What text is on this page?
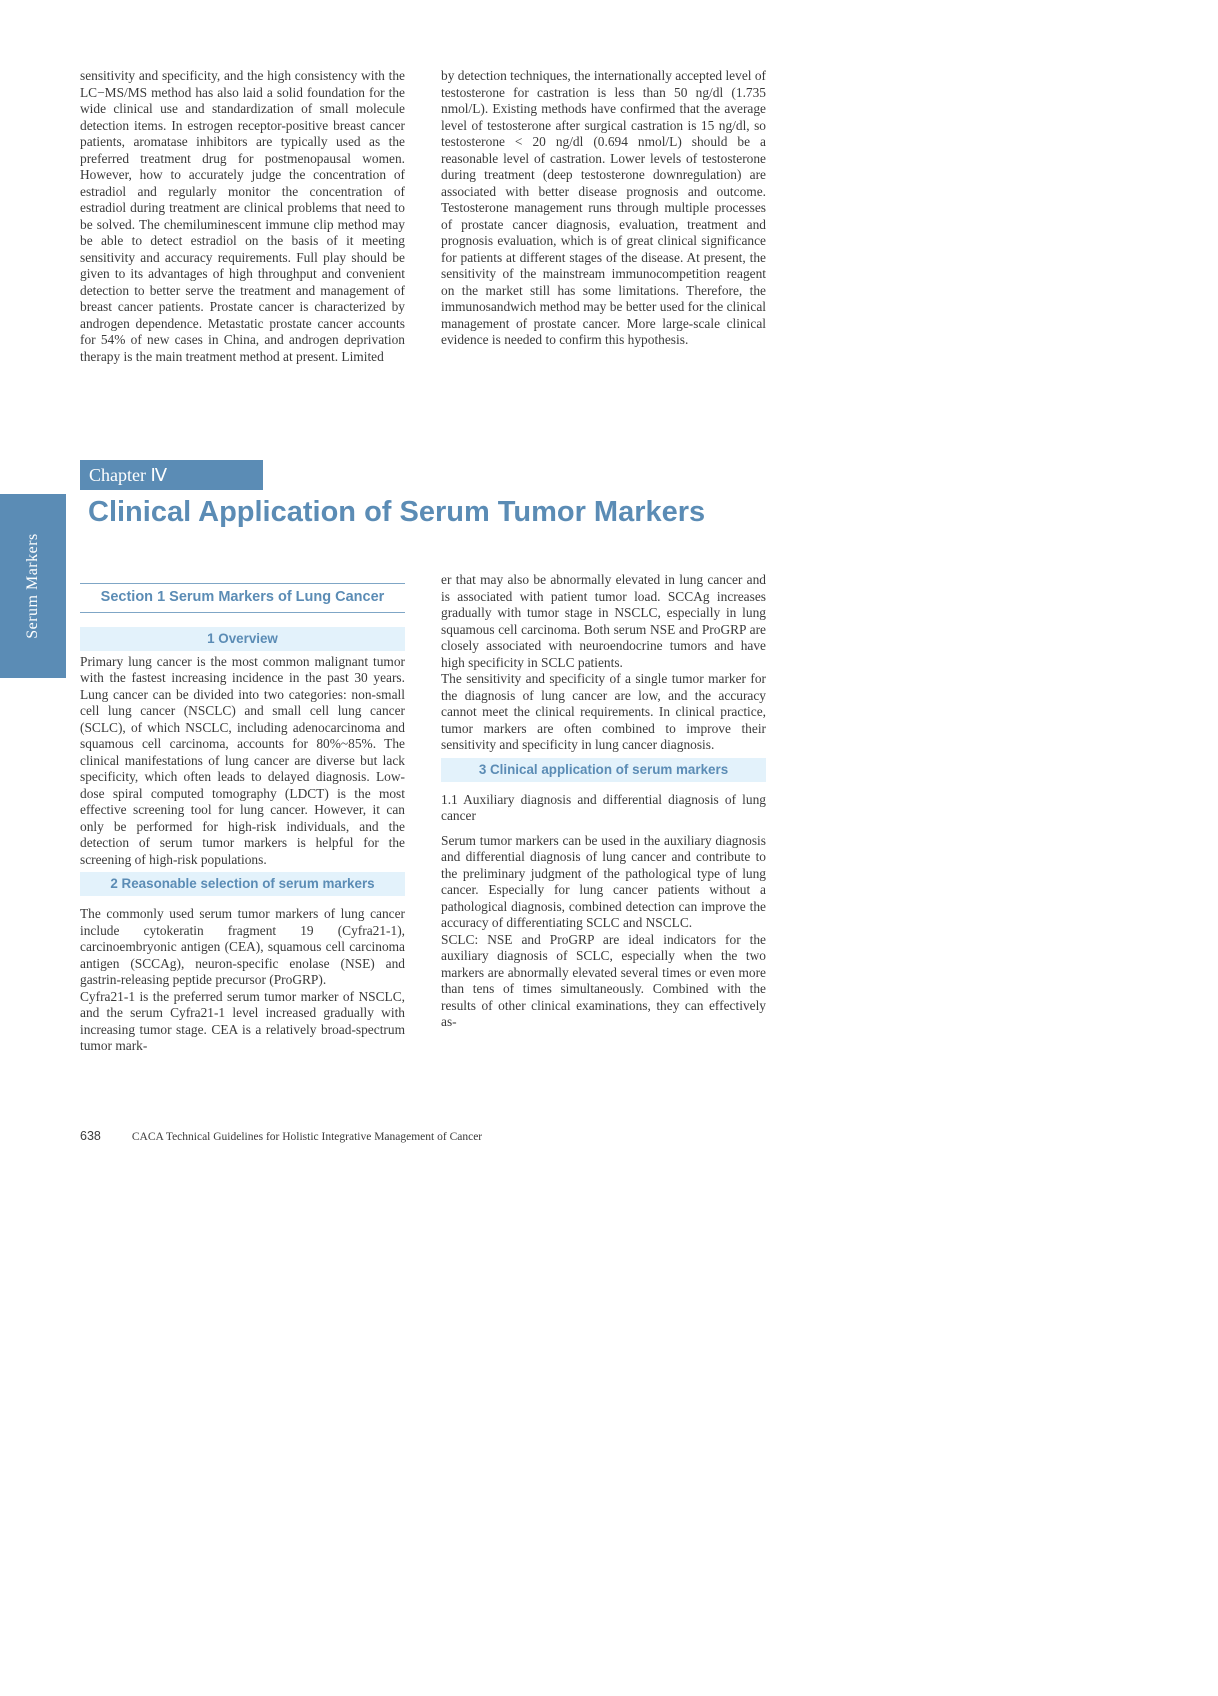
sensitivity and specificity, and the high consistency with the LC−MS/MS method has also laid a solid foundation for the wide clinical use and standardization of small molecule detection items. In estrogen receptor-positive breast cancer patients, aromatase inhibitors are typically used as the preferred treatment drug for postmenopausal women. However, how to accurately judge the concentration of estradiol and regularly monitor the concentration of estradiol during treatment are clinical problems that need to be solved. The chemiluminescent immune clip method may be able to detect estradiol on the basis of it meeting sensitivity and accuracy requirements. Full play should be given to its advantages of high throughput and convenient detection to better serve the treatment and management of breast cancer patients. Prostate cancer is characterized by androgen dependence. Metastatic prostate cancer accounts for 54% of new cases in China, and androgen deprivation therapy is the main treatment method at present. Limited

by detection techniques, the internationally accepted level of testosterone for castration is less than 50 ng/dl (1.735 nmol/L). Existing methods have confirmed that the average level of testosterone after surgical castration is 15 ng/dl, so testosterone < 20 ng/dl (0.694 nmol/L) should be a reasonable level of castration. Lower levels of testosterone during treatment (deep testosterone downregulation) are associated with better disease prognosis and outcome. Testosterone management runs through multiple processes of prostate cancer diagnosis, evaluation, treatment and prognosis evaluation, which is of great clinical significance for patients at different stages of the disease. At present, the sensitivity of the mainstream immunocompetition reagent on the market still has some limitations. Therefore, the immunosandwich method may be better used for the clinical management of prostate cancer. More large-scale clinical evidence is needed to confirm this hypothesis.

Chapter Ⅳ
Serum Markers
Clinical Application of Serum Tumor Markers
Section 1 Serum Markers of Lung Cancer
1 Overview

Primary lung cancer is the most common malignant tumor with the fastest increasing incidence in the past 30 years. Lung cancer can be divided into two categories: non-small cell lung cancer (NSCLC) and small cell lung cancer (SCLC), of which NSCLC, including adenocarcinoma and squamous cell carcinoma, accounts for 80%~85%. The clinical manifestations of lung cancer are diverse but lack specificity, which often leads to delayed diagnosis. Low-dose spiral computed tomography (LDCT) is the most effective screening tool for lung cancer. However, it can only be performed for high-risk individuals, and the detection of serum tumor markers is helpful for the screening of high-risk populations.

2 Reasonable selection of serum markers

The commonly used serum tumor markers of lung cancer include cytokeratin fragment 19 (Cyfra21-1), carcinoembryonic antigen (CEA), squamous cell carcinoma antigen (SCCAg), neuron-specific enolase (NSE) and gastrin-releasing peptide precursor (ProGRP).

Cyfra21-1 is the preferred serum tumor marker of NSCLC, and the serum Cyfra21-1 level increased gradually with increasing tumor stage. CEA is a relatively broad-spectrum tumor mark-

er that may also be abnormally elevated in lung cancer and is associated with patient tumor load. SCCAg increases gradually with tumor stage in NSCLC, especially in lung squamous cell carcinoma. Both serum NSE and ProGRP are closely associated with neuroendocrine tumors and have high specificity in SCLC patients.

The sensitivity and specificity of a single tumor marker for the diagnosis of lung cancer are low, and the accuracy cannot meet the clinical requirements. In clinical practice, tumor markers are often combined to improve their sensitivity and specificity in lung cancer diagnosis.

3 Clinical application of serum markers

1.1 Auxiliary diagnosis and differential diagnosis of lung cancer

Serum tumor markers can be used in the auxiliary diagnosis and differential diagnosis of lung cancer and contribute to the preliminary judgment of the pathological type of lung cancer. Especially for lung cancer patients without a pathological diagnosis, combined detection can improve the accuracy of differentiating SCLC and NSCLC.

SCLC: NSE and ProGRP are ideal indicators for the auxiliary diagnosis of SCLC, especially when the two markers are abnormally elevated several times or even more than tens of times simultaneously. Combined with the results of other clinical examinations, they can effectively as-

638	CACA Technical Guidelines for Holistic Integrative Management of Cancer
